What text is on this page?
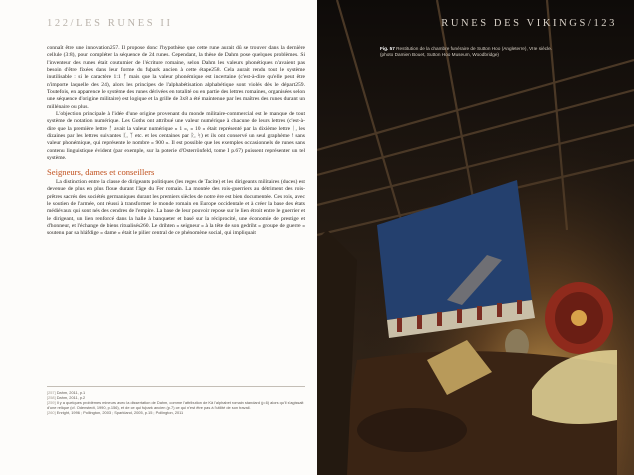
122/LES RUNES II

connaît être une innovation257. Il propose donc l'hypothèse que cette rune aurait dû se trouver dans la dernière cellule (3:8), pour compléter la séquence de 24 runes. Cependant, la thèse de Dahm pose quelques problèmes. Si l'inventeur des runes était coutumier de l'écriture romaine, selon Dahm les valeurs phonétiques n'avaient pas besoin d'être fixées dans leur forme du fuþark ancien à cette étape258. Cela aurait rendu tout le système inutilisable : si le caractère 1:1 ᚠ mais que la valeur phonémique est incertaine (c'est-à-dire qu'elle peut être n'importe laquelle des 24), alors les principes de l'alphabétisation alphabétique sont violés dès le départ259. Toutefois, en apparence le système des runes dérivées en totalité ou en partie des lettres romaines, organisées selon une séquence d'origine militaire) est logique et la grille de 3x8 a été maintenue par les maîtres des runes durant un millénaire ou plus.

L'objection principale à l'idée d'une origine provenant du monde militaire-commercial est le manque de tout système de notation numérique. Les Goths ont attribué une valeur numérique à chacune de leurs lettres (c'est-à-dire que la première lettre ᚨ avait la valeur numérique « 1 », « 10 » était représenté par la dixième lettre ᛁ, les dizaines par les lettres suivantes ᛕ, ᛉ etc. et les centaines par ᚱ, ᛋ) et ils ont conservé un seul graphème ! sans valeur phonémique, qui représente le nombre « 900 ». Il est possible que les exemples occasionnels de runes sans contenu linguistique évident (par exemple, sur la poterie d'Osterrönfeld, tome I p.67) puissent représenter un tel système.

Seigneurs, dames et conseillers

La distinction entre la classe de dirigeants politiques (les reges de Tacite) et les dirigeants militaires (duces) est devenue de plus en plus floue durant l'âge du Fer romain. La montée des rois-guerriers au détriment des rois-prêtres sacrés des sociétés germaniques durant les premiers siècles de notre ère est bien documentée. Ces rois, avec le soutien de l'armée, ont réussi à transformer le monde romain en Europe occidentale et à créer la base des états médiévaux qui sont nés des cendres de l'empire. La base de leur pouvoir repose sur le lien étroit entre le guerrier et le dirigeant, un lien renforcé dans la halle à banqueter et basé sur la réciprocité, une économie de prestige et d'honneur, et l'échange de biens ritualisés260. Le drihten « seigneur » à la tête de son gedriht « groupe de guerre » soutenu par sa hláfdige « dame » était le pilier central de ce phénomène social, qui impliquait

[257] Dahm, 2011, p.1
[258] Dahm, 2011, p.2
[259] Il y a quelques problèmes mineurs avec la dissertation de Dahm, comme l'attribution de Kâ l'alphabet romain standard (p.6) alors qu'il s'agissait d'une relique (cf. Odenstedt, 1990, p.156), et de ce qui fuþark ancien (p.7) ce qui n'est être pas à l'utilité de son travail.
[260] Enright, 1996 ; Pollington, 2003 ; Sparkland, 2005, p.15 ; Pollington, 2011
RUNES DES VIKINGS/123
Fig. 57 Restitution de la chambre funéraire de Sutton Hoo (Angleterre), VIIe siècle.
(photo Damien Bouet, Sutton Hoo Museum, Woodbridge)
